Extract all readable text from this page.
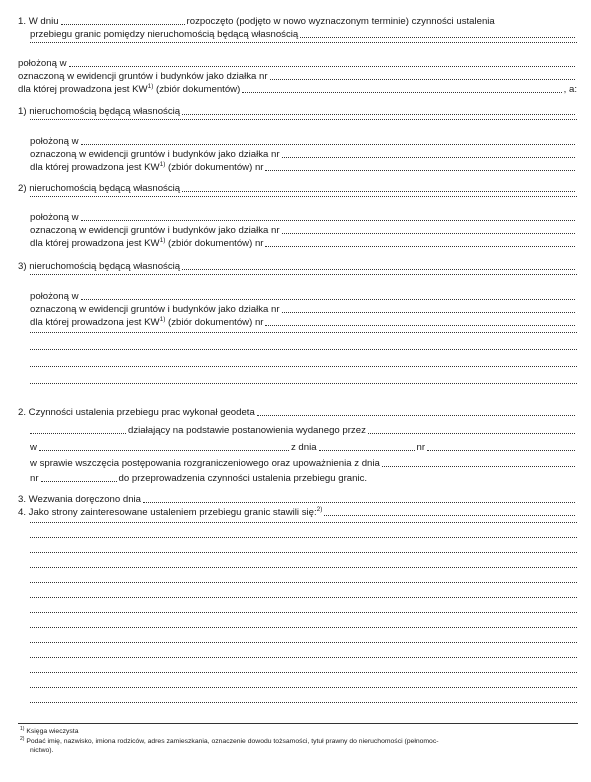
1. W dniu	rozpoczęto (podjęto w nowo wyznaczonym terminie) czynności ustalenia
przebiegu granic pomiędzy nieruchomością będącą własnością
położoną w
oznaczoną w ewidencji gruntów i budynków jako działka nr
dla której prowadzona jest KW$^{1)}$ (zbiór dokumentów)	, a:
1) nieruchomością będącą własnością
położoną w
oznaczoną w ewidencji gruntów i budynków jako działka nr
dla której prowadzona jest KW$^{1)}$ (zbiór dokumentów) nr
2) nieruchomością będącą własnością
położoną w
oznaczoną w ewidencji gruntów i budynków jako działka nr
dla której prowadzona jest KW$^{1)}$ (zbiór dokumentów) nr
3) nieruchomością będącą własnością
położoną w
oznaczoną w ewidencji gruntów i budynków jako działka nr
dla której prowadzona jest KW$^{1)}$ (zbiór dokumentów) nr
2. Czynności ustalenia przebiegu prac wykonał geodeta
działający na podstawie postanowienia wydanego przez
w	z dnia	nr
w sprawie wszczęcia postępowania rozgraniczeniowego oraz upoważnienia z dnia
nr	do przeprowadzenia czynności ustalenia przebiegu granic.
3. Wezwania doręczono dnia
4. Jako strony zainteresowane ustaleniem przebiegu granic stawili się:$^{2)}$
$^{1)}$ Księga wieczysta
$^{2)}$ Podać imię, nazwisko, imiona rodziców, adres zamieszkania, oznaczenie dowodu tożsamości, tytuł prawny do nieruchomości (pełnomoc-
nictwo).
